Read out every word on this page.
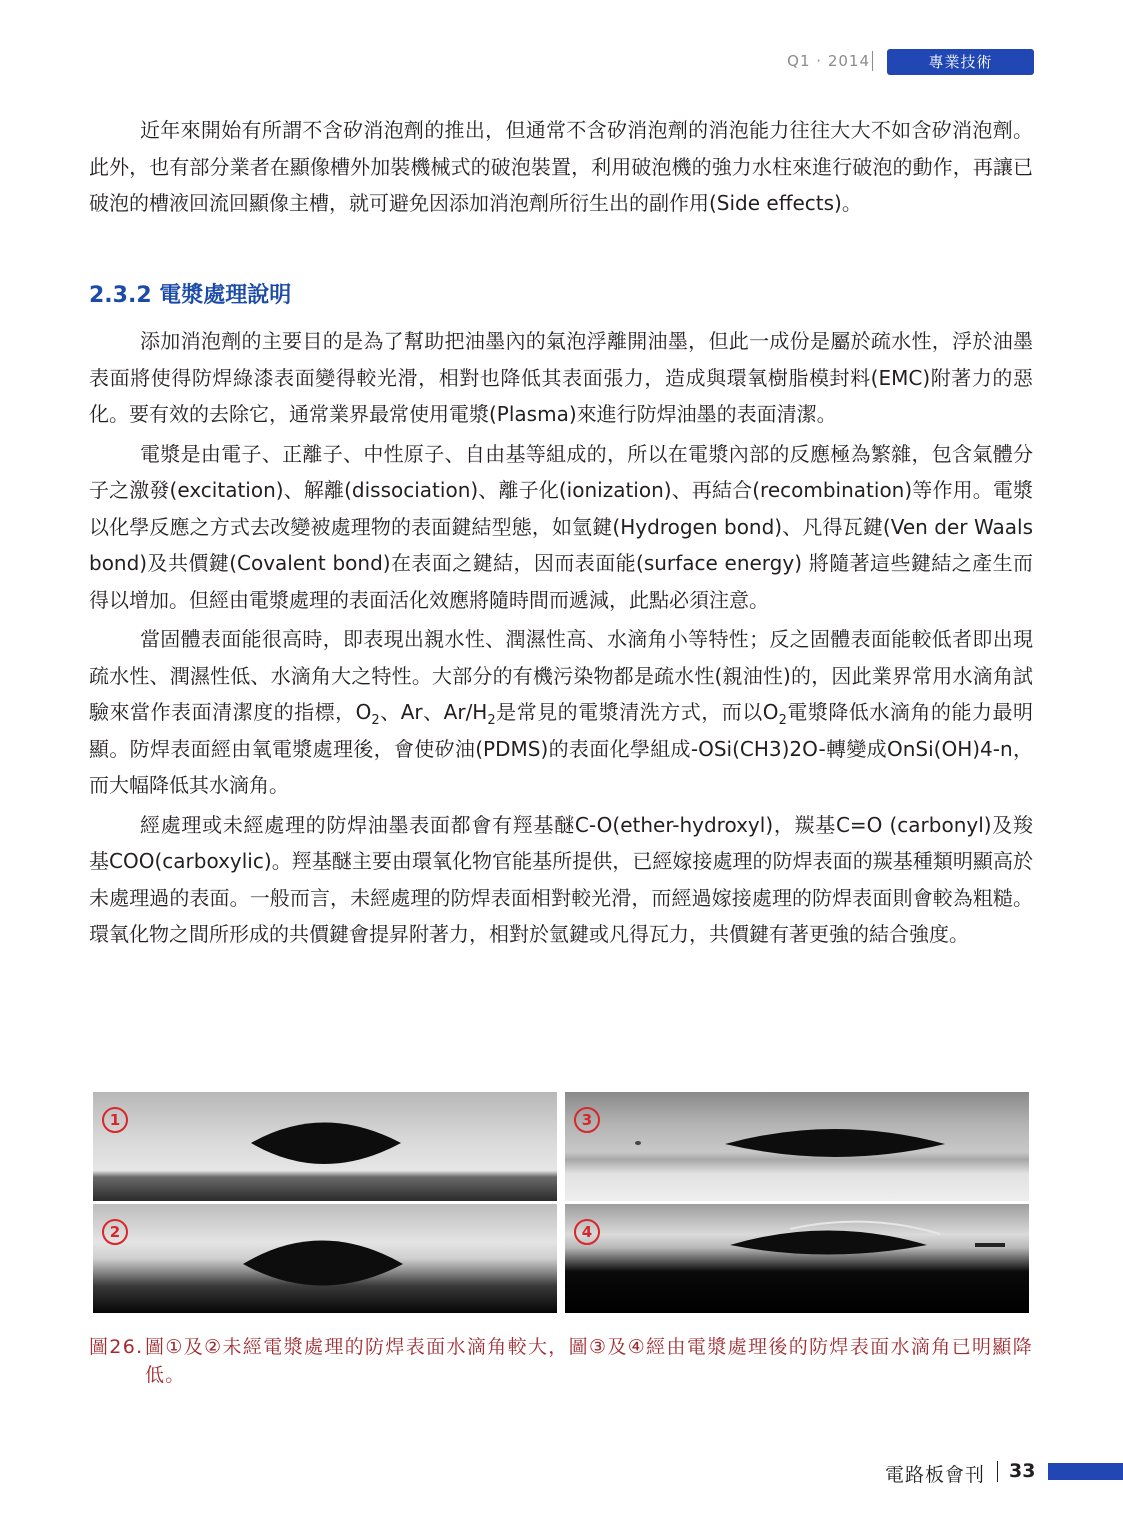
Q1 ‧ 2014	專業技術

近年來開始有所謂不含矽消泡劑的推出，但通常不含矽消泡劑的消泡能力往往大大不如含矽消泡劑。此外，也有部分業者在顯像槽外加裝機械式的破泡裝置，利用破泡機的強力水柱來進行破泡的動作，再讓已破泡的槽液回流回顯像主槽，就可避免因添加消泡劑所衍生出的副作用(Side effects)。

2.3.2 電漿處理說明

添加消泡劑的主要目的是為了幫助把油墨內的氣泡浮離開油墨，但此一成份是屬於疏水性，浮於油墨表面將使得防焊綠漆表面變得較光滑，相對也降低其表面張力，造成與環氧樹脂模封料(EMC)附著力的惡化。要有效的去除它，通常業界最常使用電漿(Plasma)來進行防焊油墨的表面清潔。

電漿是由電子、正離子、中性原子、自由基等組成的，所以在電漿內部的反應極為繁雜，包含氣體分子之激發(excitation)、解離(dissociation)、離子化(ionization)、再結合(recombination)等作用。電漿以化學反應之方式去改變被處理物的表面鍵結型態，如氫鍵(Hydrogen bond)、凡得瓦鍵(Ven der Waals bond)及共價鍵(Covalent bond)在表面之鍵結，因而表面能(surface energy) 將隨著這些鍵結之產生而得以增加。但經由電漿處理的表面活化效應將隨時間而遞減，此點必須注意。

當固體表面能很高時，即表現出親水性、潤濕性高、水滴角小等特性；反之固體表面能較低者即出現疏水性、潤濕性低、水滴角大之特性。大部分的有機污染物都是疏水性(親油性)的，因此業界常用水滴角試驗來當作表面清潔度的指標，$O_2$、Ar、$Ar/H_2$是常見的電漿清洗方式，而以$O_2$電漿降低水滴角的能力最明顯。防焊表面經由氧電漿處理後，會使矽油(PDMS)的表面化學組成-OSi(CH3)2O-轉變成OnSi(OH)4-n，而大幅降低其水滴角。

經處理或未經處理的防焊油墨表面都會有羥基醚C-O(ether-hydroxyl)，羰基C=O (carbonyl)及羧基COO(carboxylic)。羥基醚主要由環氧化物官能基所提供，已經嫁接處理的防焊表面的羰基種類明顯高於未處理過的表面。一般而言，未經處理的防焊表面相對較光滑，而經過嫁接處理的防焊表面則會較為粗糙。環氧化物之間所形成的共價鍵會提昇附著力，相對於氫鍵或凡得瓦力，共價鍵有著更強的結合強度。

1	3
2	4
圖26. 圖①及②未經電漿處理的防焊表面水滴角較大，圖③及④經由電漿處理後的防焊表面水滴角已明顯降低。
電路板會刊 33
